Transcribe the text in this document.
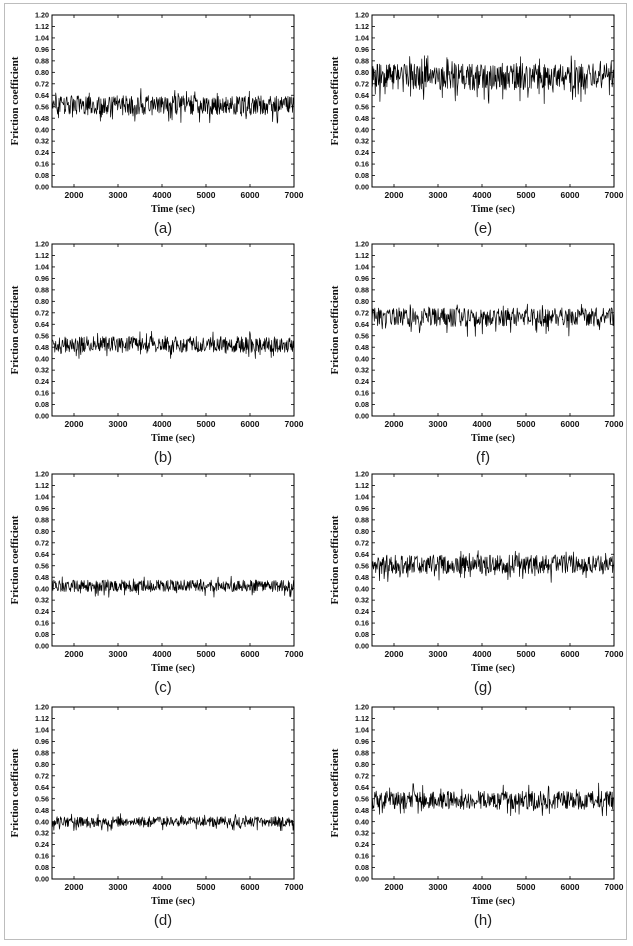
0.00
0.08
0.16
0.24
0.32
0.40
0.48
0.56
0.64
0.72
0.80
0.88
0.96
1.04
1.12
1.20
2000	3000	4000	5000	6000	7000
Time (sec)
Friction coefficient
(a)
0.00
0.08
0.16
0.24
0.32
0.40
0.48
0.56
0.64
0.72
0.80
0.88
0.96
1.04
1.12
1.20
2000	3000	4000	5000	6000	7000
Time (sec)
Friction coefficient
(b)
0.00
0.08
0.16
0.24
0.32
0.40
0.48
0.56
0.64
0.72
0.80
0.88
0.96
1.04
1.12
1.20
2000	3000	4000	5000	6000	7000
Time (sec)
Friction coefficient
(c)
0.00
0.08
0.16
0.24
0.32
0.40
0.48
0.56
0.64
0.72
0.80
0.88
0.96
1.04
1.12
1.20
2000	3000	4000	5000	6000	7000
Time (sec)
Friction coefficient
(d)
0.00
0.08
0.16
0.24
0.32
0.40
0.48
0.56
0.64
0.72
0.80
0.88
0.96
1.04
1.12
1.20
2000	3000	4000	5000	6000	7000
Time (sec)
Friction coefficient
(e)
0.00
0.08
0.16
0.24
0.32
0.40
0.48
0.56
0.64
0.72
0.80
0.88
0.96
1.04
1.12
1.20
2000	3000	4000	5000	6000	7000
Time (sec)
Friction coefficient
(f)
0.00
0.08
0.16
0.24
0.32
0.40
0.48
0.56
0.64
0.72
0.80
0.88
0.96
1.04
1.12
1.20
2000	3000	4000	5000	6000	7000
Time (sec)
Friction coefficient
(g)
0.00
0.08
0.16
0.24
0.32
0.40
0.48
0.56
0.64
0.72
0.80
0.88
0.96
1.04
1.12
1.20
2000	3000	4000	5000	6000	7000
Time (sec)
Friction coefficient
(h)
